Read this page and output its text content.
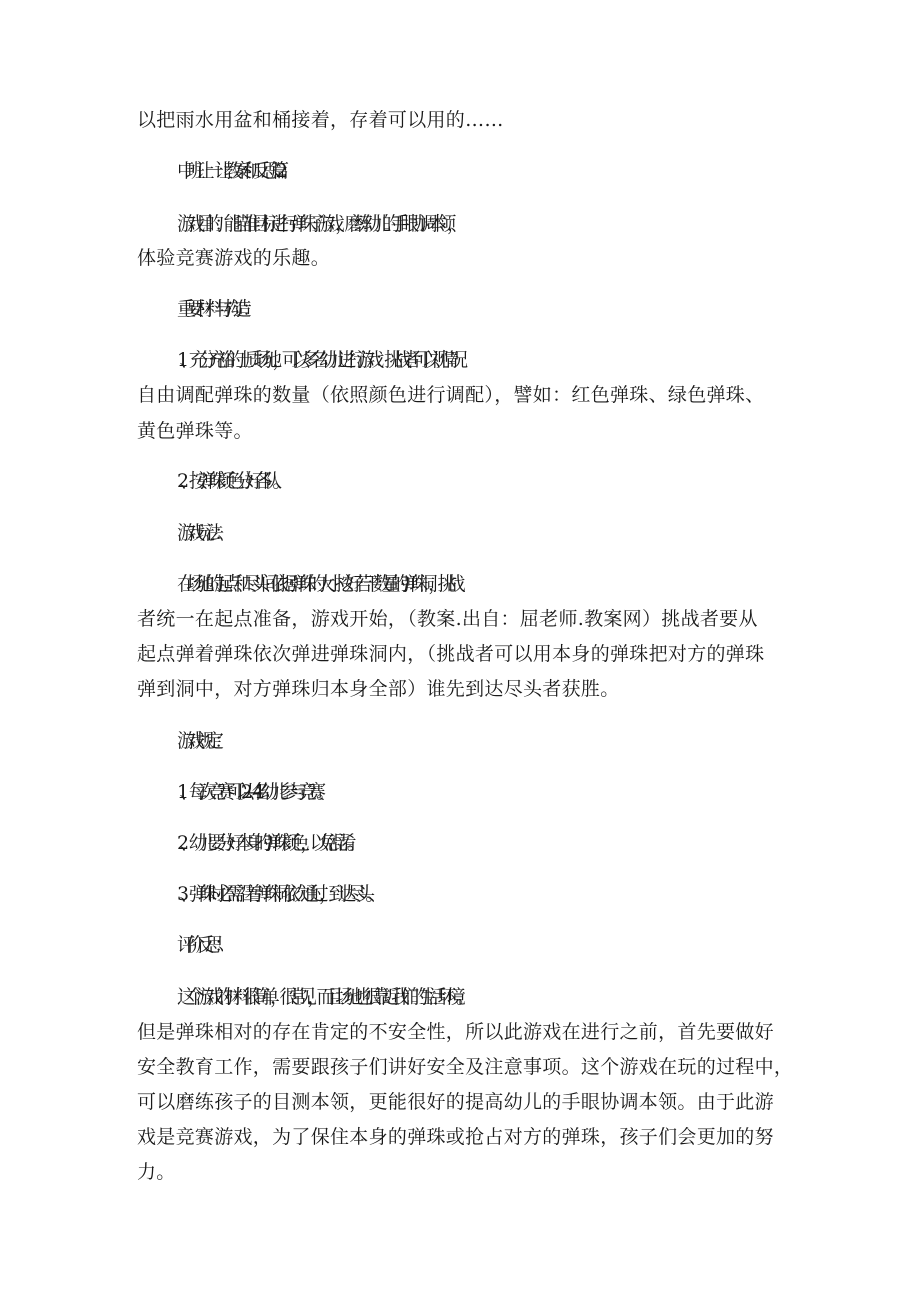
以把雨水用盆和桶接着，存着可以用的……

中班让一让教案和反思篇 2

游戏目的：能瞄准目标进行弹珠子游戏，磨练幼儿的手眼协调本领，

体验竞赛游戏的乐趣。

重要材料与构造：

1、充分充裕的土质场地，可以多名幼儿进行游戏：挑战者可以视情况

自由调配弹珠的数量（依照颜色进行调配），譬如：红色弹珠、绿色弹珠、

黄色弹珠等。

2、按弹珠颜色分好各队。

游戏玩法：

在场地的起点和尽头间依据弹珠的大小挖好若干数量的弹珠洞，挑战

者统一在起点准备，游戏开始，（教案.出自：屈老师.教案网）挑战者要从

起点弹着弹珠依次弹进弹珠洞内，（挑战者可以用本身的弹珠把对方的弹珠

弹到洞中，对方弹珠归本身全部）谁先到达尽头者获胜。

游戏规定：

1、每次竞赛可以 2—4 名幼儿参与竞赛。

2、幼儿要分好本身的弹珠颜色，以免混淆。

3、弹珠时必需沿着弹珠洞依次通过，到达尽头。

评价反思：

这个游戏的材料很简单，很常见，而且场地也很靠近我们的生活环境。

但是弹珠相对的存在肯定的不安全性，所以此游戏在进行之前，首先要做好

安全教育工作，需要跟孩子们讲好安全及注意事项。这个游戏在玩的过程中，

可以磨练孩子的目测本领，更能很好的提高幼儿的手眼协调本领。由于此游

戏是竞赛游戏，为了保住本身的弹珠或抢占对方的弹珠，孩子们会更加的努

力。
